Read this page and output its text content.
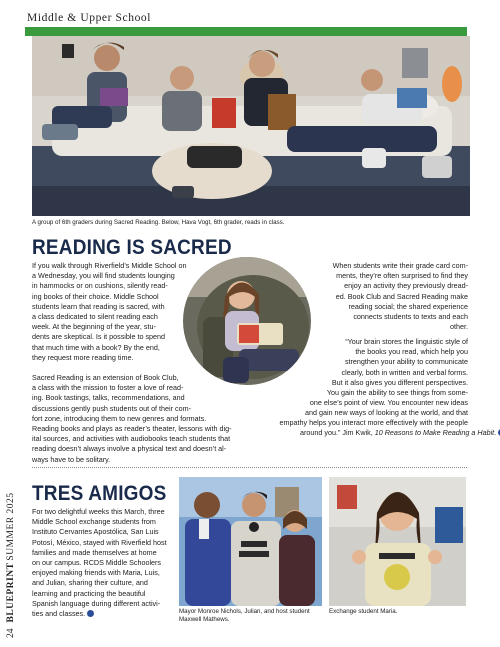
Middle & Upper School
A group of 6th graders during Sacred Reading. Below, Hava Vogt, 6th grader, reads in class.
READING IS SACRED
If you walk through Riverfield’s Middle School on
a Wednesday, you will find students lounging
in hammocks or on cushions, silently read-
ing books of their choice. Middle School
students learn that reading is sacred, with
a class dedicated to silent reading each
week. At the beginning of the year, stu-
dents are skeptical. Is it possible to spend
that much time with a book? By the end,
they request more reading time.
Sacred Reading is an extension of Book Club,
a class with the mission to foster a love of read-
ing. Book tastings, talks, recommendations, and
discussions gently push students out of their com-
fort zone, introducing them to new genres and formats.
Reading books and plays as reader’s theater, lessons with dig-
ital sources, and activities with audiobooks teach students that
reading doesn’t always involve a physical text and doesn’t al-
ways have to be solitary.
When students write their grade card com-
ments, they’re often surprised to find they
enjoy an activity they previously dread-
ed. Book Club and Sacred Reading make
reading social; the shared experience
connects students to texts and each
other.
“Your brain stores the linguistic style of
the books you read, which help you
strengthen your ability to communicate
clearly, both in written and verbal forms.
But it also gives you different perspectives.
You gain the ability to see things from some-
one else’s point of view. You encounter new ideas
and gain new ways of looking at the world, and that
empathy helps you interact more effectively with the people
around you.” Jim Kwik, 10 Reasons to Make Reading a Habit.
24BLUEPRINTSUMMER 2025 TRES AMIGOS
For two delightful weeks this March, three
Middle School exchange students from
Instituto Cervantes Apostólica, San Luis
Potosí, México, stayed with Riverfield host
families and made themselves at home
on our campus. RCDS Middle Schoolers
enjoyed making friends with Maria, Luis,
and Julian, sharing their culture, and
learning and practicing the beautiful
Spanish language during different activi-
ties and classes.	Mayor Monroe Nichols, Julian, and host student Maxwell Mathews.
Exchange student Maria.
